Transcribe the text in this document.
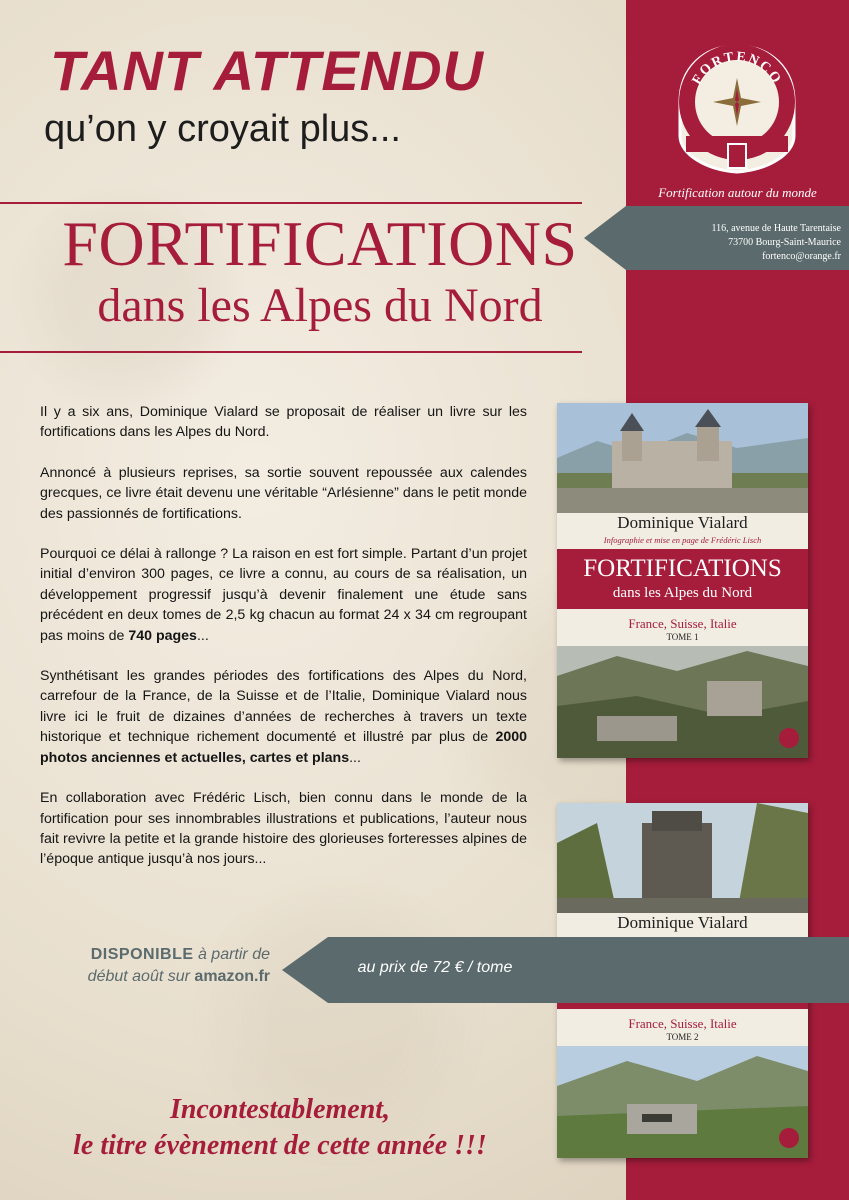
TANT ATTENDU
qu’on y croyait plus...
FORTIFICATIONS
dans les Alpes du Nord
FORTENCO
Fortification autour du monde
116, avenue de Haute Tarentaise
73700 Bourg-Saint-Maurice
fortenco@orange.fr

Il y a six ans, Dominique Vialard se proposait de réaliser un livre sur les fortifications dans les Alpes du Nord.

Annoncé à plusieurs reprises, sa sortie souvent repoussée aux calendes grecques, ce livre était devenu une véritable “Arlésienne” dans le petit monde des passionnés de fortifications.

Pourquoi ce délai à rallonge ? La raison en est fort simple. Partant d’un projet initial d’environ 300 pages, ce livre a connu, au cours de sa réalisation, un développement progressif jusqu’à devenir finalement une étude sans précédent en deux tomes de 2,5 kg chacun au format 24 x 34 cm regroupant pas moins de 740 pages...

Synthétisant les grandes périodes des fortifications des Alpes du Nord, carrefour de la France, de la Suisse et de l’Italie, Dominique Vialard nous livre ici le fruit de dizaines d’années de recherches à travers un texte historique et technique richement documenté et illustré par plus de 2000 photos anciennes et actuelles, cartes et plans...

En collaboration avec Frédéric Lisch, bien connu dans le monde de la fortification pour ses innombrables illustrations et publications, l’auteur nous fait revivre la petite et la grande histoire des glorieuses forteresses alpines de l’époque antique jusqu’à nos jours...

Dominique Vialard
Infographie et mise en page de Frédéric Lisch
FORTIFICATIONS
dans les Alpes du Nord
France, Suisse, Italie
TOME 1
Dominique Vialard
France, Suisse, Italie
TOME 2
DISPONIBLE à partir de
début août sur amazon.fr
au prix de 72 € / tome
Incontestablement,
le titre évènement de cette année !!!
